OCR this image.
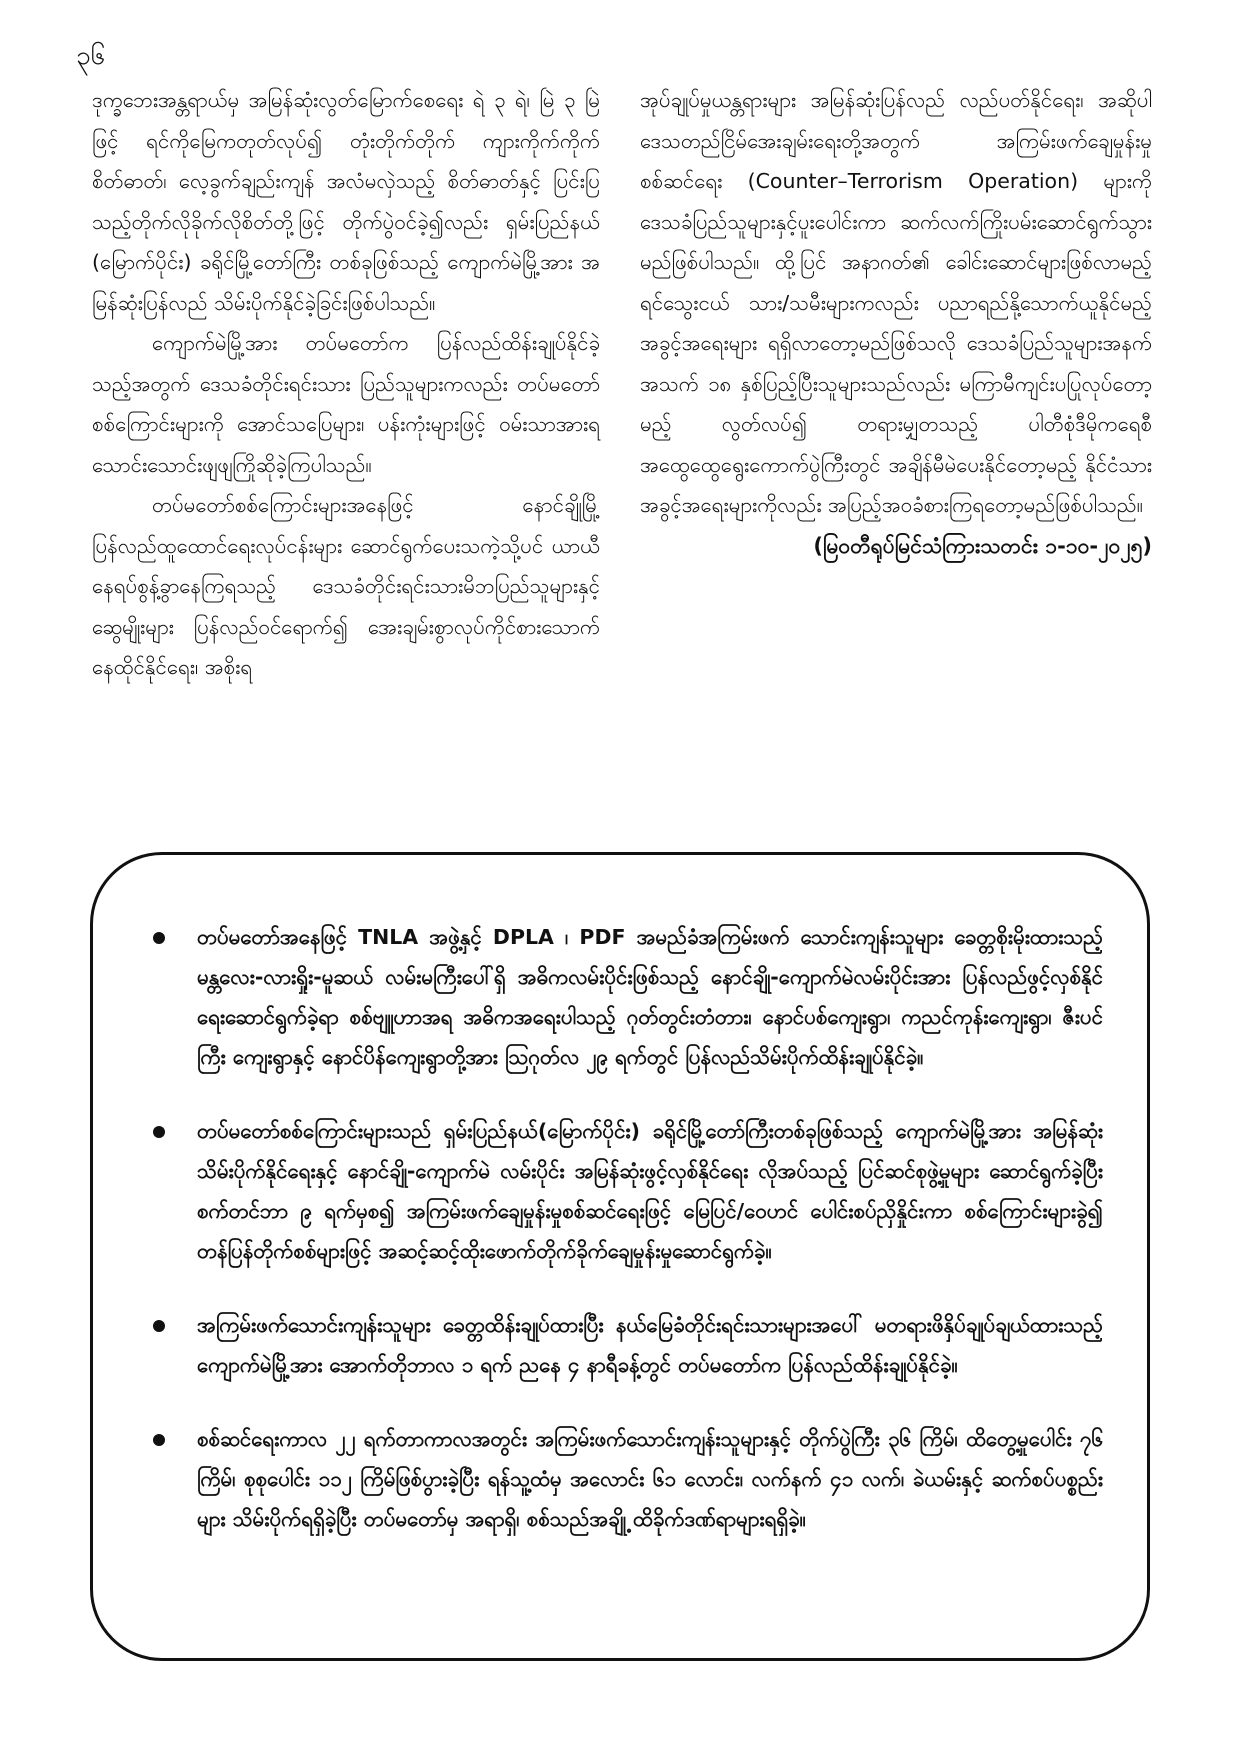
၃၆

ဒုက္ခဘေးအန္တရာယ်မှ အမြန်ဆုံးလွတ်မြောက်စေရေး ရဲ ၃ ရဲ၊ မြဲ ၃ မြဲဖြင့် ရင်ကိုမြေကတုတ်လုပ်၍ တုံးတိုက်တိုက် ကျားကိုက်ကိုက်စိတ်ဓာတ်၊ လေ့ခွက်ချည်းကျန် အလံမလှဲသည့် စိတ်ဓာတ်နှင့် ပြင်းပြသည့်တိုက်လိုခိုက်လိုစိတ်တို့ဖြင့် တိုက်ပွဲဝင်ခဲ့၍လည်း ရှမ်းပြည်နယ် (မြောက်ပိုင်း) ခရိုင်မြို့တော်ကြီး တစ်ခုဖြစ်သည့် ကျောက်မဲမြို့အား အမြန်ဆုံးပြန်လည် သိမ်းပိုက်နိုင်ခဲ့ခြင်းဖြစ်ပါသည်။

ကျောက်မဲမြို့အား တပ်မတော်က ပြန်လည်ထိန်းချုပ်နိုင်ခဲ့သည့်အတွက် ဒေသခံတိုင်းရင်းသား ပြည်သူများကလည်း တပ်မတော်စစ်ကြောင်းများကို အောင်သပြေများ၊ ပန်းကုံးများဖြင့် ဝမ်းသာအားရ သောင်းသောင်းဖျဖျကြိုဆိုခဲ့ကြပါသည်။

တပ်မတော်စစ်ကြောင်းများအနေဖြင့် နောင်ချိုမြို့ ပြန်လည်ထူထောင်ရေးလုပ်ငန်းများ ဆောင်ရွက်ပေးသကဲ့သို့ပင် ယာယီနေရပ်စွန့်ခွာနေကြရသည့် ဒေသခံတိုင်းရင်းသားမိဘပြည်သူများနှင့် ဆွေမျိုးများ ပြန်လည်ဝင်ရောက်၍ အေးချမ်းစွာလုပ်ကိုင်စားသောက်နေထိုင်နိုင်ရေး၊ အစိုးရ

အုပ်ချုပ်မှုယန္တရားများ အမြန်ဆုံးပြန်လည် လည်ပတ်နိုင်ရေး၊ အဆိုပါဒေသတည်ငြိမ်အေးချမ်းရေးတို့အတွက် အကြမ်းဖက်ချေမှုန်းမှုစစ်ဆင်ရေး (Counter–Terrorism Operation) များကို ဒေသခံပြည်သူများနှင့်ပူးပေါင်းကာ ဆက်လက်ကြိုးပမ်းဆောင်ရွက်သွားမည်ဖြစ်ပါသည်။ ထို့ပြင် အနာဂတ်၏ ခေါင်းဆောင်များဖြစ်လာမည့် ရင်သွေးငယ် သား/သမီးများကလည်း ပညာရည်နို့သောက်ယူနိုင်မည့်အခွင့်အရေးများ ရရှိလာတော့မည်ဖြစ်သလို ဒေသခံပြည်သူများအနက် အသက် ၁၈ နှစ်ပြည့်ပြီးသူများသည်လည်း မကြာမီကျင်းပပြုလုပ်တော့မည့် လွတ်လပ်၍ တရားမျှတသည့် ပါတီစုံဒီမိုကရေစီ အထွေထွေရွေးကောက်ပွဲကြီးတွင် အချိန်မီမဲပေးနိုင်တော့မည့် နိုင်ငံသားအခွင့်အရေးများကိုလည်း အပြည့်အဝခံစားကြရတော့မည်ဖြစ်ပါသည်။

(မြဝတီရုပ်မြင်သံကြားသတင်း ၁-၁၀-၂၀၂၅)

တပ်မတော်အနေဖြင့် TNLA အဖွဲ့နှင့် DPLA ၊ PDF အမည်ခံအကြမ်းဖက် သောင်းကျန်းသူများ ခေတ္တစိုးမိုးထားသည့် မန္တလေး-လားရှိုး-မူဆယ် လမ်းမကြီးပေါ်ရှိ အဓိကလမ်းပိုင်းဖြစ်သည့် နောင်ချို-ကျောက်မဲလမ်းပိုင်းအား ပြန်လည်ဖွင့်လှစ်နိုင်ရေးဆောင်ရွက်ခဲ့ရာ စစ်ဗျူဟာအရ အဓိကအရေးပါသည့် ဂုတ်တွင်းတံတား၊ နောင်ပစ်ကျေးရွာ၊ ကညင်ကုန်းကျေးရွာ၊ ဇီးပင်ကြီး ကျေးရွာနှင့် နောင်ပိန်ကျေးရွာတို့အား ဩဂုတ်လ ၂၉ ရက်တွင် ပြန်လည်သိမ်းပိုက်ထိန်းချုပ်နိုင်ခဲ့။
တပ်မတော်စစ်ကြောင်းများသည် ရှမ်းပြည်နယ်(မြောက်ပိုင်း) ခရိုင်မြို့တော်ကြီးတစ်ခုဖြစ်သည့် ကျောက်မဲမြို့အား အမြန်ဆုံးသိမ်းပိုက်နိုင်ရေးနှင့် နောင်ချို-ကျောက်မဲ လမ်းပိုင်း အမြန်ဆုံးဖွင့်လှစ်နိုင်ရေး လိုအပ်သည့် ပြင်ဆင်စုဖွဲ့မှုများ ဆောင်ရွက်ခဲ့ပြီး စက်တင်ဘာ ၉ ရက်မှစ၍ အကြမ်းဖက်ချေမှုန်းမှုစစ်ဆင်ရေးဖြင့် မြေပြင်/ဝေဟင် ပေါင်းစပ်ညှိနှိုင်းကာ စစ်ကြောင်းများခွဲ၍ တန်ပြန်တိုက်စစ်များဖြင့် အဆင့်ဆင့်ထိုးဖောက်တိုက်ခိုက်ချေမှုန်းမှုဆောင်ရွက်ခဲ့။
အကြမ်းဖက်သောင်းကျန်းသူများ ခေတ္တထိန်းချုပ်ထားပြီး နယ်မြေခံတိုင်းရင်းသားများအပေါ် မတရားဖိနှိပ်ချုပ်ချယ်ထားသည့် ကျောက်မဲမြို့အား အောက်တိုဘာလ ၁ ရက် ညနေ ၄ နာရီခန့်တွင် တပ်မတော်က ပြန်လည်ထိန်းချုပ်နိုင်ခဲ့။
စစ်ဆင်ရေးကာလ ၂၂ ရက်တာကာလအတွင်း အကြမ်းဖက်သောင်းကျန်းသူများနှင့် တိုက်ပွဲကြီး ၃၆ ကြိမ်၊ ထိတွေ့မှုပေါင်း ၇၆ ကြိမ်၊ စုစုပေါင်း ၁၁၂ ကြိမ်ဖြစ်ပွားခဲ့ပြီး ရန်သူ့ထံမှ အလောင်း ၆၁ လောင်း၊ လက်နက် ၄၁ လက်၊ ခဲယမ်းနှင့် ဆက်စပ်ပစ္စည်းများ သိမ်းပိုက်ရရှိခဲ့ပြီး တပ်မတော်မှ အရာရှိ၊ စစ်သည်အချို့ ထိခိုက်ဒဏ်ရာများရရှိခဲ့။
